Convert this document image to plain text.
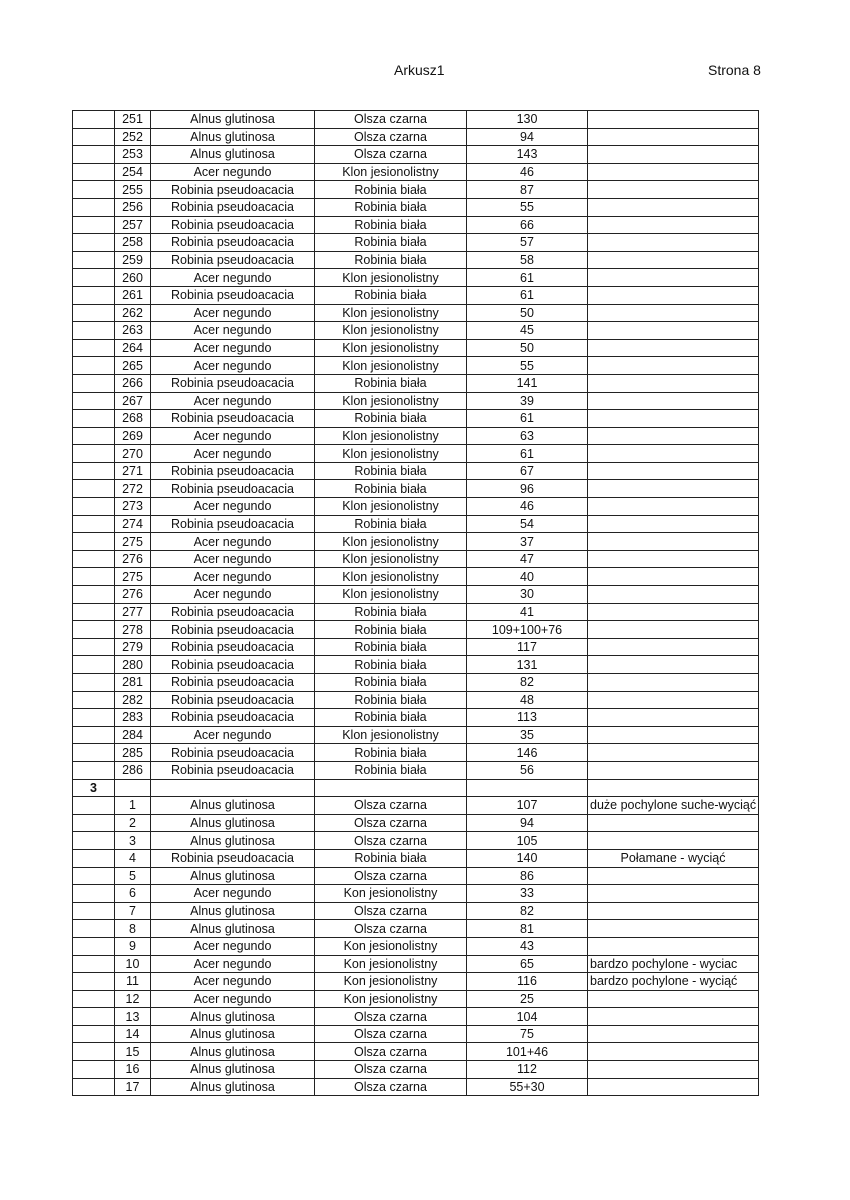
Arkusz1	Strona 8
	251	Alnus glutinosa	Olsza czarna	130	
	252	Alnus glutinosa	Olsza czarna	94	
	253	Alnus glutinosa	Olsza czarna	143	
	254	Acer negundo	Klon jesionolistny	46	
	255	Robinia pseudoacacia	Robinia biała	87	
	256	Robinia pseudoacacia	Robinia biała	55	
	257	Robinia pseudoacacia	Robinia biała	66	
	258	Robinia pseudoacacia	Robinia biała	57	
	259	Robinia pseudoacacia	Robinia biała	58	
	260	Acer negundo	Klon jesionolistny	61	
	261	Robinia pseudoacacia	Robinia biała	61	
	262	Acer negundo	Klon jesionolistny	50	
	263	Acer negundo	Klon jesionolistny	45	
	264	Acer negundo	Klon jesionolistny	50	
	265	Acer negundo	Klon jesionolistny	55	
	266	Robinia pseudoacacia	Robinia biała	141	
	267	Acer negundo	Klon jesionolistny	39	
	268	Robinia pseudoacacia	Robinia biała	61	
	269	Acer negundo	Klon jesionolistny	63	
	270	Acer negundo	Klon jesionolistny	61	
	271	Robinia pseudoacacia	Robinia biała	67	
	272	Robinia pseudoacacia	Robinia biała	96	
	273	Acer negundo	Klon jesionolistny	46	
	274	Robinia pseudoacacia	Robinia biała	54	
	275	Acer negundo	Klon jesionolistny	37	
	276	Acer negundo	Klon jesionolistny	47	
	275	Acer negundo	Klon jesionolistny	40	
	276	Acer negundo	Klon jesionolistny	30	
	277	Robinia pseudoacacia	Robinia biała	41	
	278	Robinia pseudoacacia	Robinia biała	109+100+76	
	279	Robinia pseudoacacia	Robinia biała	117	
	280	Robinia pseudoacacia	Robinia biała	131	
	281	Robinia pseudoacacia	Robinia biała	82	
	282	Robinia pseudoacacia	Robinia biała	48	
	283	Robinia pseudoacacia	Robinia biała	113	
	284	Acer negundo	Klon jesionolistny	35	
	285	Robinia pseudoacacia	Robinia biała	146	
	286	Robinia pseudoacacia	Robinia biała	56	
3					
	1	Alnus glutinosa	Olsza czarna	107	duże pochylone suche-wyciąć
	2	Alnus glutinosa	Olsza czarna	94	
	3	Alnus glutinosa	Olsza czarna	105	
	4	Robinia pseudoacacia	Robinia biała	140	Połamane - wyciąć
	5	Alnus glutinosa	Olsza czarna	86	
	6	Acer negundo	Kon jesionolistny	33	
	7	Alnus glutinosa	Olsza czarna	82	
	8	Alnus glutinosa	Olsza czarna	81	
	9	Acer negundo	Kon jesionolistny	43	
	10	Acer negundo	Kon jesionolistny	65	bardzo pochylone - wyciac
	11	Acer negundo	Kon jesionolistny	116	bardzo pochylone - wyciąć
	12	Acer negundo	Kon jesionolistny	25	
	13	Alnus glutinosa	Olsza czarna	104	
	14	Alnus glutinosa	Olsza czarna	75	
	15	Alnus glutinosa	Olsza czarna	101+46	
	16	Alnus glutinosa	Olsza czarna	112	
	17	Alnus glutinosa	Olsza czarna	55+30	
